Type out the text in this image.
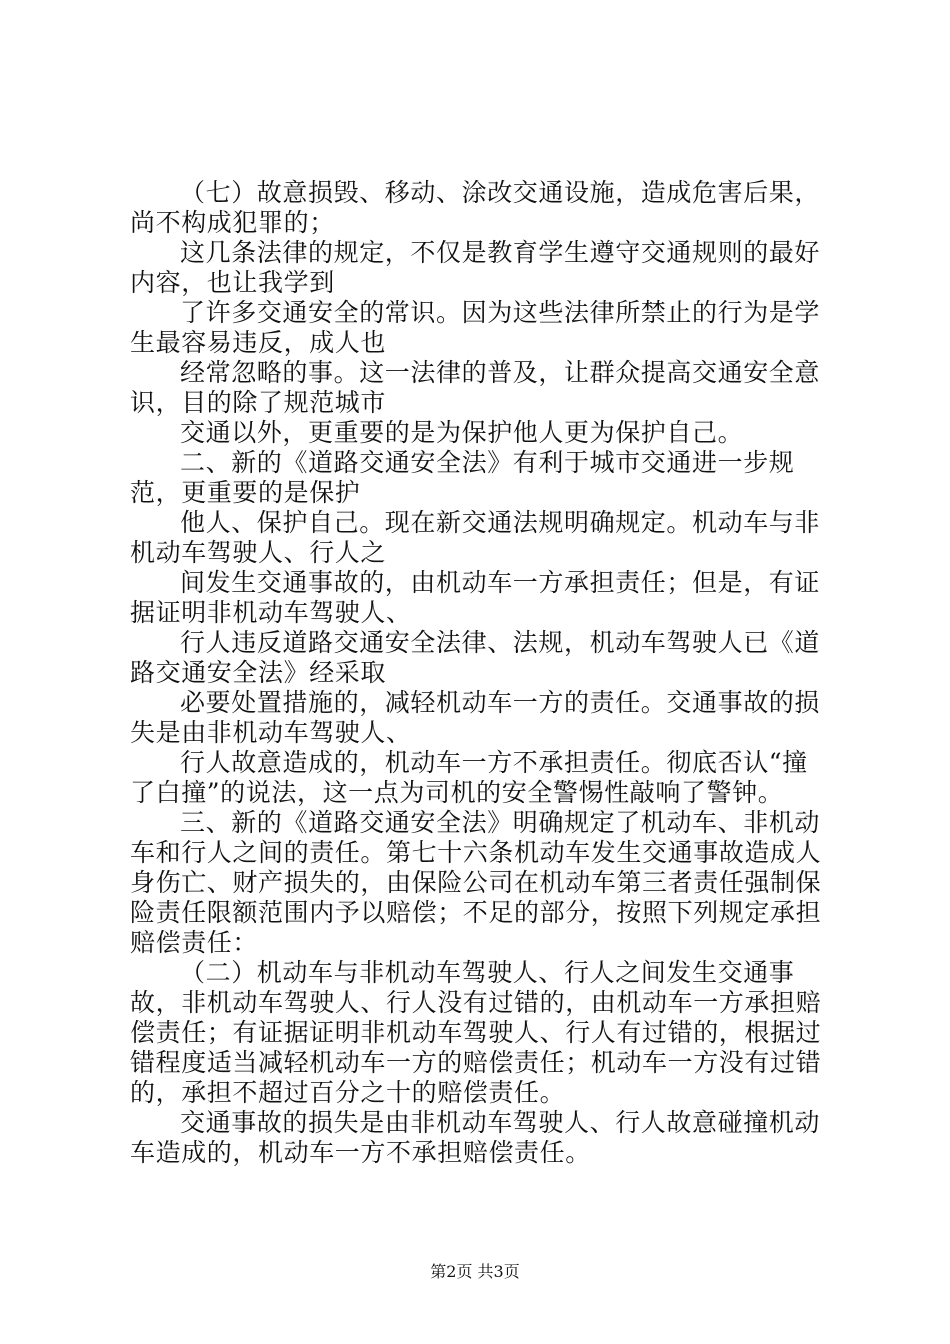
（七）故意损毁、移动、涂改交通设施，造成危害后果，尚不构成犯罪的；

这几条法律的规定，不仅是教育学生遵守交通规则的最好内容，也让我学到

了许多交通安全的常识。因为这些法律所禁止的行为是学生最容易违反，成人也

经常忽略的事。这一法律的普及，让群众提高交通安全意识，目的除了规范城市

交通以外，更重要的是为保护他人更为保护自己。

二、新的《道路交通安全法》有利于城市交通进一步规范，更重要的是保护

他人、保护自己。现在新交通法规明确规定。机动车与非机动车驾驶人、行人之

间发生交通事故的，由机动车一方承担责任；但是，有证据证明非机动车驾驶人、

行人违反道路交通安全法律、法规，机动车驾驶人已《道路交通安全法》经采取

必要处置措施的，减轻机动车一方的责任。交通事故的损失是由非机动车驾驶人、

行人故意造成的，机动车一方不承担责任。彻底否认“撞了白撞”的说法，这一点为司机的安全警惕性敲响了警钟。

三、新的《道路交通安全法》明确规定了机动车、非机动车和行人之间的责任。第七十六条机动车发生交通事故造成人身伤亡、财产损失的，由保险公司在机动车第三者责任强制保险责任限额范围内予以赔偿；不足的部分，按照下列规定承担赔偿责任：

（二）机动车与非机动车驾驶人、行人之间发生交通事故，非机动车驾驶人、行人没有过错的，由机动车一方承担赔偿责任；有证据证明非机动车驾驶人、行人有过错的，根据过错程度适当减轻机动车一方的赔偿责任；机动车一方没有过错的，承担不超过百分之十的赔偿责任。

交通事故的损失是由非机动车驾驶人、行人故意碰撞机动车造成的，机动车一方不承担赔偿责任。

第2页 共3页
